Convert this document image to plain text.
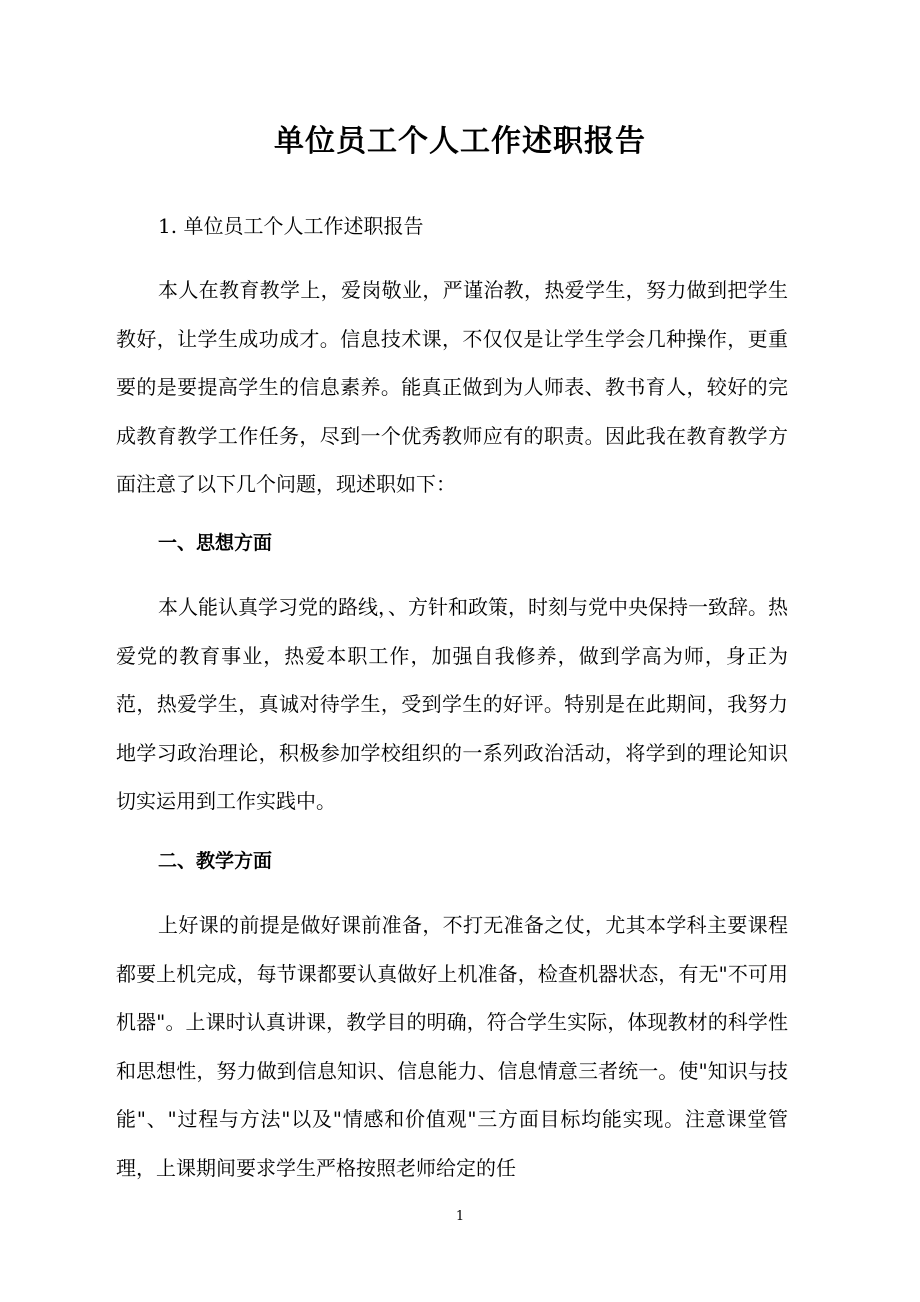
单位员工个人工作述职报告
1. 单位员工个人工作述职报告

本人在教育教学上，爱岗敬业，严谨治教，热爱学生，努力做到把学生教好，让学生成功成才。信息技术课，不仅仅是让学生学会几种操作，更重要的是要提高学生的信息素养。能真正做到为人师表、教书育人，较好的完成教育教学工作任务，尽到一个优秀教师应有的职责。因此我在教育教学方面注意了以下几个问题，现述职如下：

一、思想方面

本人能认真学习党的路线，、方针和政策，时刻与党中央保持一致辞。热爱党的教育事业，热爱本职工作，加强自我修养，做到学高为师，身正为范，热爱学生，真诚对待学生，受到学生的好评。特别是在此期间，我努力地学习政治理论，积极参加学校组织的一系列政治活动，将学到的理论知识切实运用到工作实践中。

二、教学方面

上好课的前提是做好课前准备，不打无准备之仗，尤其本学科主要课程都要上机完成，每节课都要认真做好上机准备，检查机器状态，有无"不可用机器"。上课时认真讲课，教学目的明确，符合学生实际，体现教材的科学性和思想性，努力做到信息知识、信息能力、信息情意三者统一。使"知识与技能"、"过程与方法"以及"情感和价值观"三方面目标均能实现。注意课堂管理，上课期间要求学生严格按照老师给定的任

1
